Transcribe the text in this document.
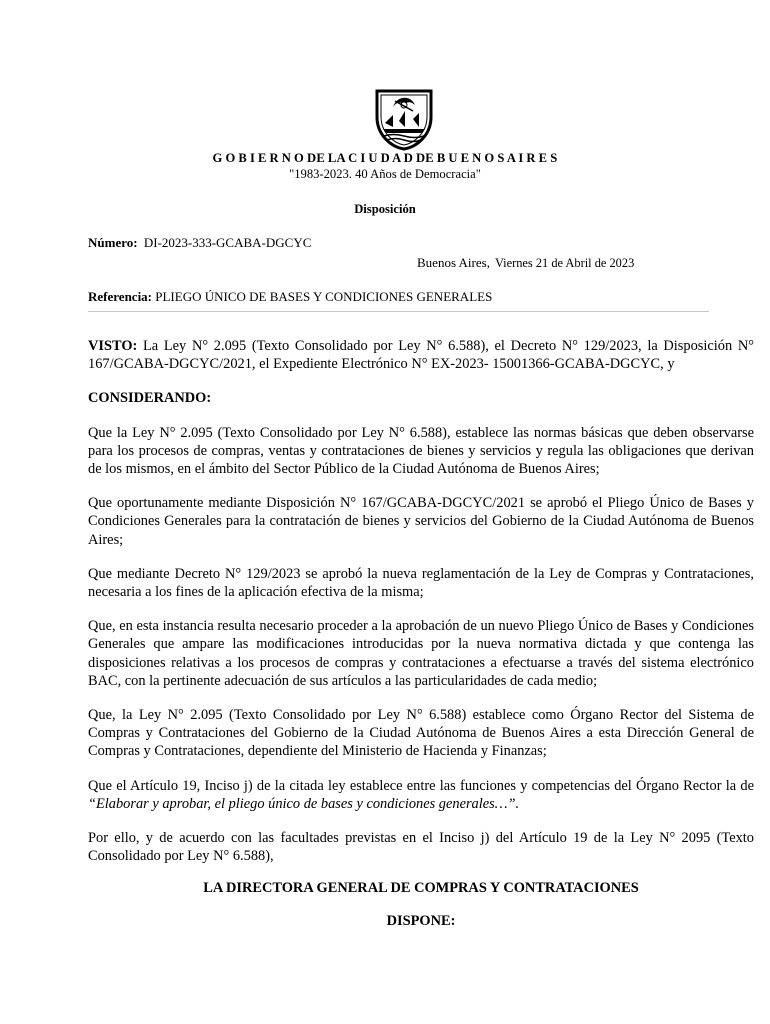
G O B I E R N O DE LA C I U D A D DE B U E N O S A I R E S
"1983-2023. 40 Años de Democracia"
Disposición
Número: DI-2023-333-GCABA-DGCYC
Buenos Aires, Viernes 21 de Abril de 2023
Referencia: PLIEGO ÚNICO DE BASES Y CONDICIONES GENERALES

VISTO: La Ley N° 2.095 (Texto Consolidado por Ley N° 6.588), el Decreto N° 129/2023, la Disposición N° 167/GCABA-DGCYC/2021, el Expediente Electrónico N° EX-2023- 15001366-GCABA-DGCYC, y

CONSIDERANDO:

Que la Ley N° 2.095 (Texto Consolidado por Ley N° 6.588), establece las normas básicas que deben observarse para los procesos de compras, ventas y contrataciones de bienes y servicios y regula las obligaciones que derivan de los mismos, en el ámbito del Sector Público de la Ciudad Autónoma de Buenos Aires;

Que oportunamente mediante Disposición N° 167/GCABA-DGCYC/2021 se aprobó el Pliego Único de Bases y Condiciones Generales para la contratación de bienes y servicios del Gobierno de la Ciudad Autónoma de Buenos Aires;

Que mediante Decreto N° 129/2023 se aprobó la nueva reglamentación de la Ley de Compras y Contrataciones, necesaria a los fines de la aplicación efectiva de la misma;

Que, en esta instancia resulta necesario proceder a la aprobación de un nuevo Pliego Único de Bases y Condiciones Generales que ampare las modificaciones introducidas por la nueva normativa dictada y que contenga las disposiciones relativas a los procesos de compras y contrataciones a efectuarse a través del sistema electrónico BAC, con la pertinente adecuación de sus artículos a las particularidades de cada medio;

Que, la Ley N° 2.095 (Texto Consolidado por Ley N° 6.588) establece como Órgano Rector del Sistema de Compras y Contrataciones del Gobierno de la Ciudad Autónoma de Buenos Aires a esta Dirección General de Compras y Contrataciones, dependiente del Ministerio de Hacienda y Finanzas;

Que el Artículo 19, Inciso j) de la citada ley establece entre las funciones y competencias del Órgano Rector la de “Elaborar y aprobar, el pliego único de bases y condiciones generales…”.

Por ello, y de acuerdo con las facultades previstas en el Inciso j) del Artículo 19 de la Ley N° 2095 (Texto Consolidado por Ley N° 6.588),

LA DIRECTORA GENERAL DE COMPRAS Y CONTRATACIONES

DISPONE:
